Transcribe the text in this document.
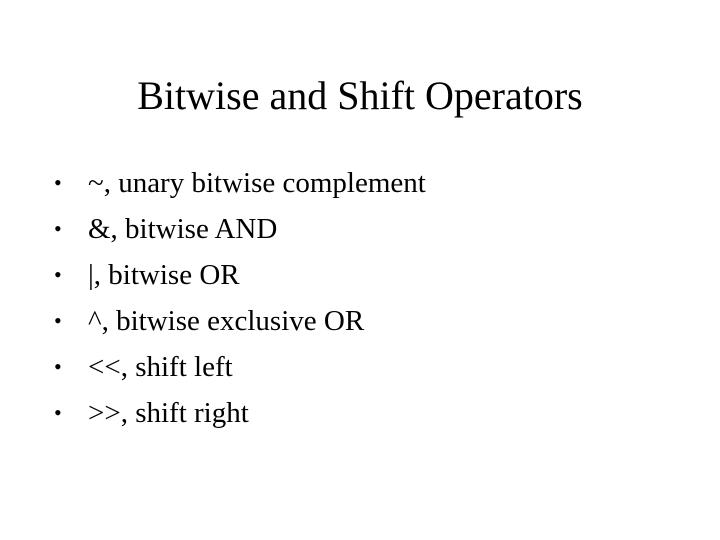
Bitwise and Shift Operators
• ~, unary bitwise complement
• &, bitwise AND
• |, bitwise OR
• ^, bitwise exclusive OR
• <<, shift left
• >>, shift right
